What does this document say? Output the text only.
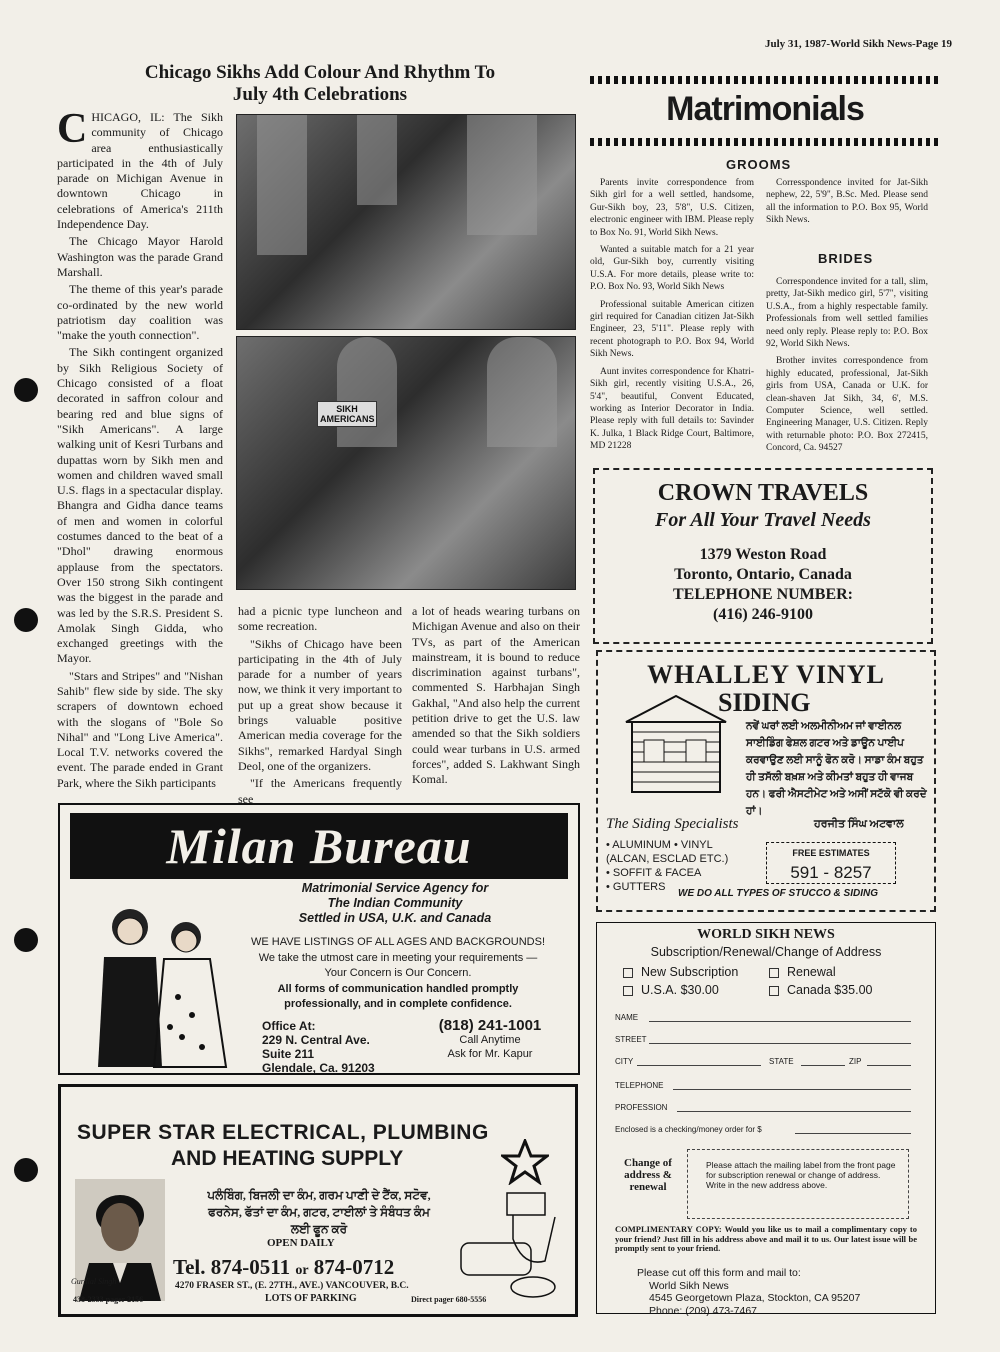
July 31, 1987-World Sikh News-Page 19
Chicago Sikhs Add Colour And Rhythm To
July 4th Celebrations

CHICAGO, IL: The Sikh community of Chicago area enthusiastically participated in the 4th of July parade on Michigan Avenue in downtown Chicago in celebrations of America's 211th Independence Day.

The Chicago Mayor Harold Washington was the parade Grand Marshall.

The theme of this year's parade co-ordinated by the new world patriotism day coalition was "make the youth connection".

The Sikh contingent organized by Sikh Religious Society of Chicago consisted of a float decorated in saffron colour and bearing red and blue signs of "Sikh Americans". A large walking unit of Kesri Turbans and dupattas worn by Sikh men and women and children waved small U.S. flags in a spectacular display. Bhangra and Gidha dance teams of men and women in colorful costumes danced to the beat of a "Dhol" drawing enormous applause from the spectators. Over 150 strong Sikh contingent was the biggest in the parade and was led by the S.R.S. President S. Amolak Singh Gidda, who exchanged greetings with the Mayor.

"Stars and Stripes" and "Nishan Sahib" flew side by side. The sky scrapers of downtown echoed with the slogans of "Bole So Nihal" and "Long Live America". Local T.V. networks covered the event. The parade ended in Grant Park, where the Sikh participants

SIKH AMERICANS

had a picnic type luncheon and some recreation.

"Sikhs of Chicago have been participating in the 4th of July parade for a number of years now, we think it very important to put up a great show because it brings valuable positive American media coverage for the Sikhs", remarked Hardyal Singh Deol, one of the organizers.

"If the Americans frequently see

a lot of heads wearing turbans on Michigan Avenue and also on their TVs, as part of the American mainstream, it is bound to reduce discrimination against turbans", commented S. Harbhajan Singh Gakhal, "And also help the current petition drive to get the U.S. law amended so that the Sikh soldiers could wear turbans in U.S. armed forces", added S. Lakhwant Singh Komal.

Matrimonials
GROOMS

Parents invite correspondence from Sikh girl for a well settled, handsome, Gur-Sikh boy, 23, 5'8", U.S. Citizen, electronic engineer with IBM. Please reply to Box No. 91, World Sikh News.

Wanted a suitable match for a 21 year old, Gur-Sikh boy, currently visiting U.S.A. For more details, please write to: P.O. Box No. 93, World Sikh News

Professional suitable American citizen girl required for Canadian citizen Jat-Sikh Engineer, 23, 5'11". Please reply with recent photograph to P.O. Box 94, World Sikh News.

Aunt invites correspondence for Khatri-Sikh girl, recently visiting U.S.A., 26, 5'4", beautiful, Convent Educated, working as Interior Decorator in India. Please reply with full details to: Savinder K. Julka, 1 Black Ridge Court, Baltimore, MD 21228

Corresspondence invited for Jat-Sikh nephew, 22, 5'9", B.Sc. Med. Please send all the information to P.O. Box 95, World Sikh News.

BRIDES

Correspondence invited for a tall, slim, pretty, Jat-Sikh medico girl, 5'7", visiting U.S.A., from a highly respectable family. Professionals from well settled families need only reply. Please reply to: P.O. Box 92, World Sikh News.

Brother invites correspondence from highly educated, professional, Jat-Sikh girls from USA, Canada or U.K. for clean-shaven Jat Sikh, 34, 6', M.S. Computer Science, well settled. Engineering Manager, U.S. Citizen. Reply with returnable photo: P.O. Box 272415, Concord, Ca. 94527

CROWN TRAVELS
For All Your Travel Needs
1379 Weston Road
Toronto, Ontario, Canada
TELEPHONE NUMBER:
(416) 246-9100
WHALLEY VINYL
SIDING
ਨਵੇਂ ਘਰਾਂ ਲਈ ਅਲਮੀਨੀਅਮ ਜਾਂ ਵਾਈਨਲ ਸਾਈਡਿੰਗ ਫੇਸ਼ਲ ਗਟਰ ਅਤੇ ਡਾਊਨ ਪਾਈਪ ਕਰਵਾਉਣ ਲਈ ਸਾਨੂੰ ਫੋਨ ਕਰੋ। ਸਾਡਾ ਕੰਮ ਬਹੁਤ ਹੀ ਤਸੱਲੀ ਬਖ਼ਸ਼ ਅਤੇ ਕੀਮਤਾਂ ਬਹੁਤ ਹੀ ਵਾਜਬ ਹਨ। ਫਰੀ ਐਸਟੀਮੇਟ ਅਤੇ ਅਸੀਂ ਸਟੱਕੋ ਵੀ ਕਰਦੇ ਹਾਂ।
The Siding Specialists	ਹਰਜੀਤ ਸਿੰਘ ਅਟਵਾਲ
• ALUMINUM • VINYL
(ALCAN, ESCLAD ETC.)
• SOFFIT & FACEA
• GUTTERS
FREE ESTIMATES
591 - 8257
WE DO ALL TYPES OF STUCCO & SIDING
Milan Bureau
Matrimonial Service Agency for
The Indian Community
Settled in USA, U.K. and Canada
WE HAVE LISTINGS OF ALL AGES AND BACKGROUNDS!
We take the utmost care in meeting your requirements —
Your Concern is Our Concern.
All forms of communication handled promptly
professionally, and in complete confidence.
Office At:
229 N. Central Ave.
Suite 211
Glendale, Ca. 91203
(818) 241-1001
Call Anytime
Ask for Mr. Kapur
SUPER STAR ELECTRICAL, PLUMBING
AND HEATING SUPPLY
Gurdial Singh
438-2333 pager 2156
ਪਲੰਬਿੰਗ, ਬਿਜਲੀ ਦਾ ਕੰਮ, ਗਰਮ ਪਾਣੀ ਦੇ ਟੈਂਕ, ਸਟੋਵ, ਫਰਨੇਸ, ਫੱਤਾਂ ਦਾ ਕੰਮ, ਗਟਰ, ਟਾਈਲਾਂ ਤੇ ਸੰਬੰਧਤ ਕੰਮ ਲਈ ਫੂਨ ਕਰੋ
OPEN DAILY
Tel. 874-0511 or 874-0712
4270 FRASER ST., (E. 27TH., AVE.) VANCOUVER, B.C.
LOTS OF PARKING	Direct pager 680-5556
WORLD SIKH NEWS
Subscription/Renewal/Change of Address
New Subscription	Renewal
U.S.A. $30.00	Canada $35.00
NAME
STREET
CITY	STATE	ZIP
TELEPHONE
PROFESSION
Enclosed is a checking/money order for $
Change of address & renewal
Please attach the mailing label from the front page for subscription renewal or change of address. Write in the new address above.
COMPLIMENTARY COPY: Would you like us to mail a complimentary copy to your friend? Just fill in his address above and mail it to us. Our latest issue will be promptly sent to your friend.
Please cut off this form and mail to:
World Sikh News
4545 Georgetown Plaza, Stockton, CA 95207
Phone: (209) 473-7467
